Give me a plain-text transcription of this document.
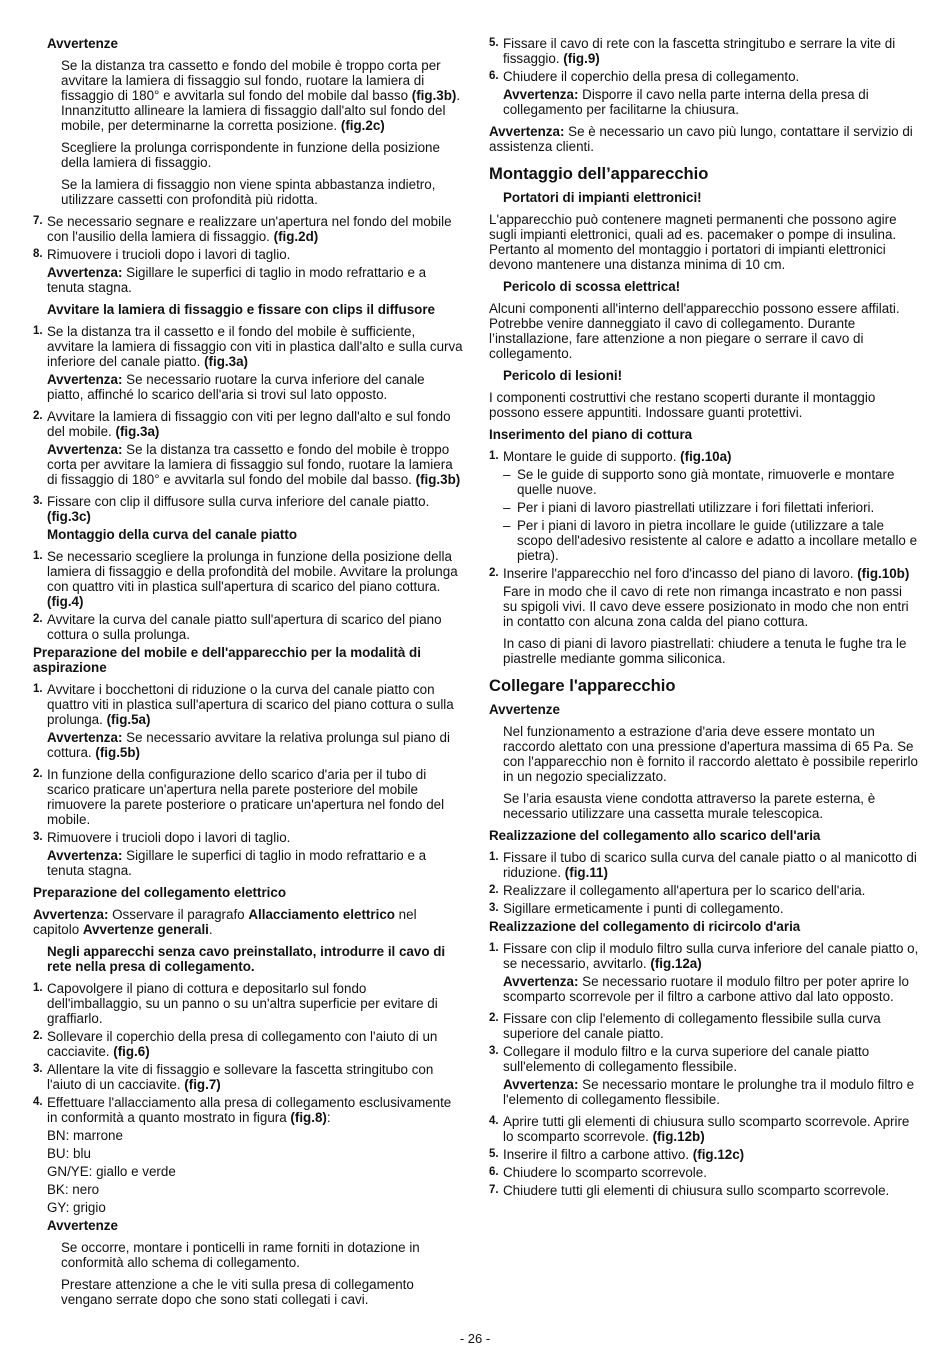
Avvertenze

Se la distanza tra cassetto e fondo del mobile è troppo corta per avvitare la lamiera di fissaggio sul fondo, ruotare la lamiera di fissaggio di 180° e avvitarla sul fondo del mobile dal basso (fig.3b). Innanzitutto allineare la lamiera di fissaggio dall'alto sul fondo del mobile, per determinarne la corretta posizione. (fig.2c)

Scegliere la prolunga corrispondente in funzione della posizione della lamiera di fissaggio.

Se la lamiera di fissaggio non viene spinta abbastanza indietro, utilizzare cassetti con profondità più ridotta.

7. Se necessario segnare e realizzare un'apertura nel fondo del mobile con l'ausilio della lamiera di fissaggio. (fig.2d)
8. Rimuovere i trucioli dopo i lavori di taglio.

Avvertenza: Sigillare le superfici di taglio in modo refrattario e a tenuta stagna.

Avvitare la lamiera di fissaggio e fissare con clips il diffusore

1. Se la distanza tra il cassetto e il fondo del mobile è sufficiente, avvitare la lamiera di fissaggio con viti in plastica dall'alto e sulla curva inferiore del canale piatto. (fig.3a)

Avvertenza: Se necessario ruotare la curva inferiore del canale piatto, affinché lo scarico dell'aria si trovi sul lato opposto.

2. Avvitare la lamiera di fissaggio con viti per legno dall'alto e sul fondo del mobile. (fig.3a)

Avvertenza: Se la distanza tra cassetto e fondo del mobile è troppo corta per avvitare la lamiera di fissaggio sul fondo, ruotare la lamiera di fissaggio di 180° e avvitarla sul fondo del mobile dal basso. (fig.3b)

3. Fissare con clip il diffusore sulla curva inferiore del canale piatto. (fig.3c)

Montaggio della curva del canale piatto

1. Se necessario scegliere la prolunga in funzione della posizione della lamiera di fissaggio e della profondità del mobile. Avvitare la prolunga con quattro viti in plastica sull'apertura di scarico del piano cottura. (fig.4)
2. Avvitare la curva del canale piatto sull'apertura di scarico del piano cottura o sulla prolunga.

Preparazione del mobile e dell'apparecchio per la modalità di aspirazione

1. Avvitare i bocchettoni di riduzione o la curva del canale piatto con quattro viti in plastica sull'apertura di scarico del piano cottura o sulla prolunga. (fig.5a)

Avvertenza: Se necessario avvitare la relativa prolunga sul piano di cottura. (fig.5b)

2. In funzione della configurazione dello scarico d'aria per il tubo di scarico praticare un'apertura nella parete posteriore del mobile rimuovere la parete posteriore o praticare un'apertura nel fondo del mobile.
3. Rimuovere i trucioli dopo i lavori di taglio.

Avvertenza: Sigillare le superfici di taglio in modo refrattario e a tenuta stagna.

Preparazione del collegamento elettrico

Avvertenza: Osservare il paragrafo Allacciamento elettrico nel capitolo Avvertenze generali.

Negli apparecchi senza cavo preinstallato, introdurre il cavo di rete nella presa di collegamento.

1. Capovolgere il piano di cottura e depositarlo sul fondo dell'imballaggio, su un panno o su un'altra superficie per evitare di graffiarlo.
2. Sollevare il coperchio della presa di collegamento con l'aiuto di un cacciavite. (fig.6)
3. Allentare la vite di fissaggio e sollevare la fascetta stringitubo con l'aiuto di un cacciavite. (fig.7)
4. Effettuare l'allacciamento alla presa di collegamento esclusivamente in conformità a quanto mostrato in figura (fig.8):

BN: marrone

BU: blu

GN/YE: giallo e verde

BK: nero

GY: grigio

Avvertenze

Se occorre, montare i ponticelli in rame forniti in dotazione in conformità allo schema di collegamento.

Prestare attenzione a che le viti sulla presa di collegamento vengano serrate dopo che sono stati collegati i cavi.

5. Fissare il cavo di rete con la fascetta stringitubo e serrare la vite di fissaggio. (fig.9)
6. Chiudere il coperchio della presa di collegamento.

Avvertenza: Disporre il cavo nella parte interna della presa di collegamento per facilitarne la chiusura.

Avvertenza: Se è necessario un cavo più lungo, contattare il servizio di assistenza clienti.

Montaggio dell’apparecchio

Portatori di impianti elettronici!

L'apparecchio può contenere magneti permanenti che possono agire sugli impianti elettronici, quali ad es. pacemaker o pompe di insulina. Pertanto al momento del montaggio i portatori di impianti elettronici devono mantenere una distanza minima di 10 cm.

Pericolo di scossa elettrica!

Alcuni componenti all'interno dell'apparecchio possono essere affilati. Potrebbe venire danneggiato il cavo di collegamento. Durante l’installazione, fare attenzione a non piegare o serrare il cavo di collegamento.

Pericolo di lesioni!

I componenti costruttivi che restano scoperti durante il montaggio possono essere appuntiti. Indossare guanti protettivi.

Inserimento del piano di cottura

1. Montare le guide di supporto. (fig.10a)
– Se le guide di supporto sono già montate, rimuoverle e montare quelle nuove.
– Per i piani di lavoro piastrellati utilizzare i fori filettati inferiori.
– Per i piani di lavoro in pietra incollare le guide (utilizzare a tale scopo dell'adesivo resistente al calore e adatto a incollare metallo e pietra).
2. Inserire l'apparecchio nel foro d'incasso del piano di lavoro. (fig.10b)

Fare in modo che il cavo di rete non rimanga incastrato e non passi su spigoli vivi. Il cavo deve essere posizionato in modo che non entri in contatto con alcuna zona calda del piano cottura.

In caso di piani di lavoro piastrellati: chiudere a tenuta le fughe tra le piastrelle mediante gomma siliconica.

Collegare l'apparecchio

Avvertenze

Nel funzionamento a estrazione d'aria deve essere montato un raccordo alettato con una pressione d'apertura massima di 65 Pa. Se con l'apparecchio non è fornito il raccordo alettato è possibile reperirlo in un negozio specializzato.

Se l’aria esausta viene condotta attraverso la parete esterna, è necessario utilizzare una cassetta murale telescopica.

Realizzazione del collegamento allo scarico dell'aria

1. Fissare il tubo di scarico sulla curva del canale piatto o al manicotto di riduzione. (fig.11)
2. Realizzare il collegamento all'apertura per lo scarico dell'aria.
3. Sigillare ermeticamente i punti di collegamento.

Realizzazione del collegamento di ricircolo d'aria

1. Fissare con clip il modulo filtro sulla curva inferiore del canale piatto o, se necessario, avvitarlo. (fig.12a)

Avvertenza: Se necessario ruotare il modulo filtro per poter aprire lo scomparto scorrevole per il filtro a carbone attivo dal lato opposto.

2. Fissare con clip l'elemento di collegamento flessibile sulla curva superiore del canale piatto.
3. Collegare il modulo filtro e la curva superiore del canale piatto sull'elemento di collegamento flessibile.

Avvertenza: Se necessario montare le prolunghe tra il modulo filtro e l'elemento di collegamento flessibile.

4. Aprire tutti gli elementi di chiusura sullo scomparto scorrevole. Aprire lo scomparto scorrevole. (fig.12b)
5. Inserire il filtro a carbone attivo. (fig.12c)
6. Chiudere lo scomparto scorrevole.
7. Chiudere tutti gli elementi di chiusura sullo scomparto scorrevole.
- 26 -
